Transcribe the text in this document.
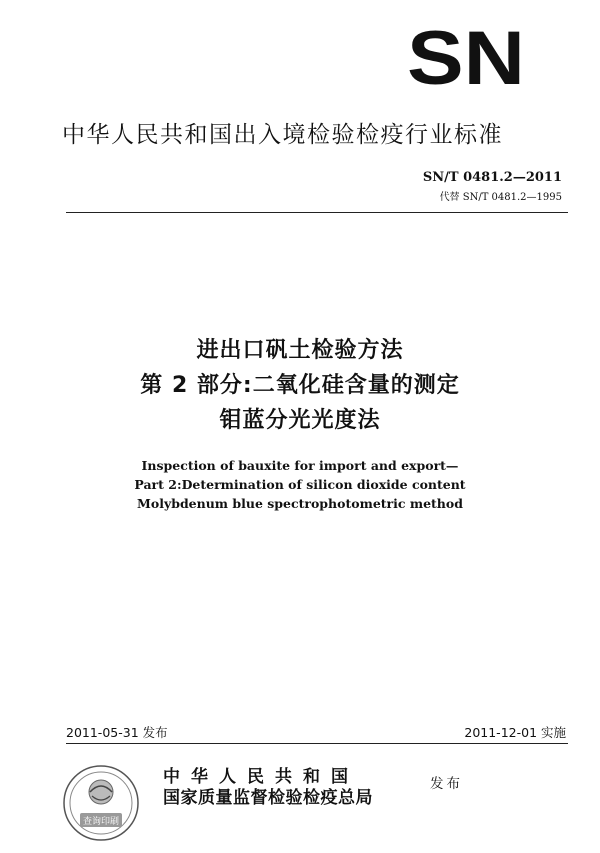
SN
中华人民共和国出入境检验检疫行业标准
SN/T 0481.2—2011
代替 SN/T 0481.2—1995
进出口矾土检验方法
第 2 部分:二氧化硅含量的测定
钼蓝分光光度法
Inspection of bauxite for import and export—
Part 2:Determination of silicon dioxide content
Molybdenum blue spectrophotometric method
2011-05-31 发布	2011-12-01 实施
查询印刷
中华人民共和国
国家质量监督检验检疫总局
发布
